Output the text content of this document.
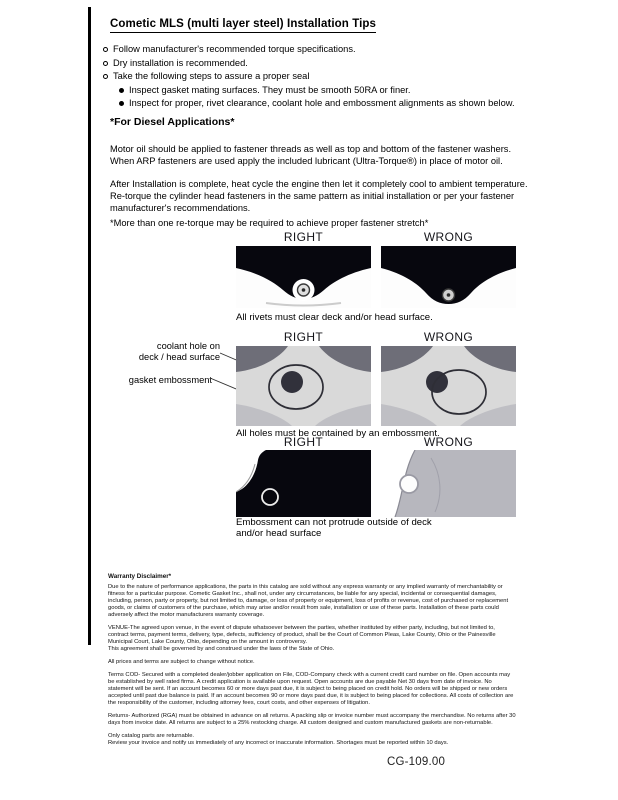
Cometic MLS (multi layer steel) Installation Tips
Follow manufacturer's recommended torque specifications.
Dry installation is recommended.
Take the following steps to assure a proper seal
Inspect gasket mating surfaces. They must be smooth 50RA or finer.
Inspect for proper, rivet clearance, coolant hole and embossment alignments as shown below.
*For Diesel Applications*

Motor oil should be applied to fastener threads as well as top and bottom of the fastener washers. When ARP fasteners are used apply the included lubricant (Ultra-Torque®) in place of motor oil.

After Installation is complete, heat cycle the engine then let it completely cool to ambient temperature. Re-torque the cylinder head fasteners in the same pattern as initial installation or per your fastener manufacturer's recommendations.

*More than one re-torque may be required to achieve proper fastener stretch*

RIGHT	WRONG
All rivets must clear deck and/or head surface.
RIGHT	WRONG
coolant hole on
deck / head surface
gasket embossment
All holes must be contained by an embossment.
RIGHT	WRONG
Embossment can not protrude outside of deck and/or head surface
Warranty Disclaimer*

Due to the nature of performance applications, the parts in this catalog are sold without any express warranty or any implied warranty of merchantability or fitness for a particular purpose. Cometic Gasket Inc., shall not, under any circumstances, be liable for any special, incidental or consequential damages, including, person, party or property, but not limited to, damage, or loss of property or equipment, loss of profits or revenue, cost of purchased or replacement goods, or claims of customers of the purchase, which may arise and/or result from sale, installation or use of these parts. Installation of these parts could adversely affect the motor manufacturers warranty coverage.

VENUE-The agreed upon venue, in the event of dispute whatsoever between the parties, whether instituted by either party, including, but not limited to, contract terms, payment terms, delivery, type, defects, sufficiency of product, shall be the Court of Common Pleas, Lake County, Ohio or the Painesville Municipal Court, Lake County, Ohio, depending on the amount in controversy.

This agreement shall be governed by and construed under the laws of the State of Ohio.

All prices and terms are subject to change without notice.

Terms COD- Secured with a completed dealer/jobber application on File, COD-Company check with a current credit card number on file. Open accounts may be established by well rated firms. A credit application is available upon request. Open accounts are due payable Net 30 days from date of invoice. No statement will be sent. If an account becomes 60 or more days past due, it is subject to being placed on credit hold. No orders will be shipped or new orders accepted until past due balance is paid. If an account becomes 90 or more days past due, it is subject to being placed for collections. All costs of collection are the responsibility of the customer, including attorney fees, court costs, and other expenses of litigation.

Returns- Authorized (RGA) must be obtained in advance on all returns. A packing slip or invoice number must accompany the merchandise. No returns after 30 days from invoice date. All returns are subject to a 25% restocking charge. All custom designed and custom manufactured gaskets are non-returnable.

Only catalog parts are returnable.

Review your invoice and notify us immediately of any incorrect or inaccurate information. Shortages must be reported within 10 days.

CG-109.00
